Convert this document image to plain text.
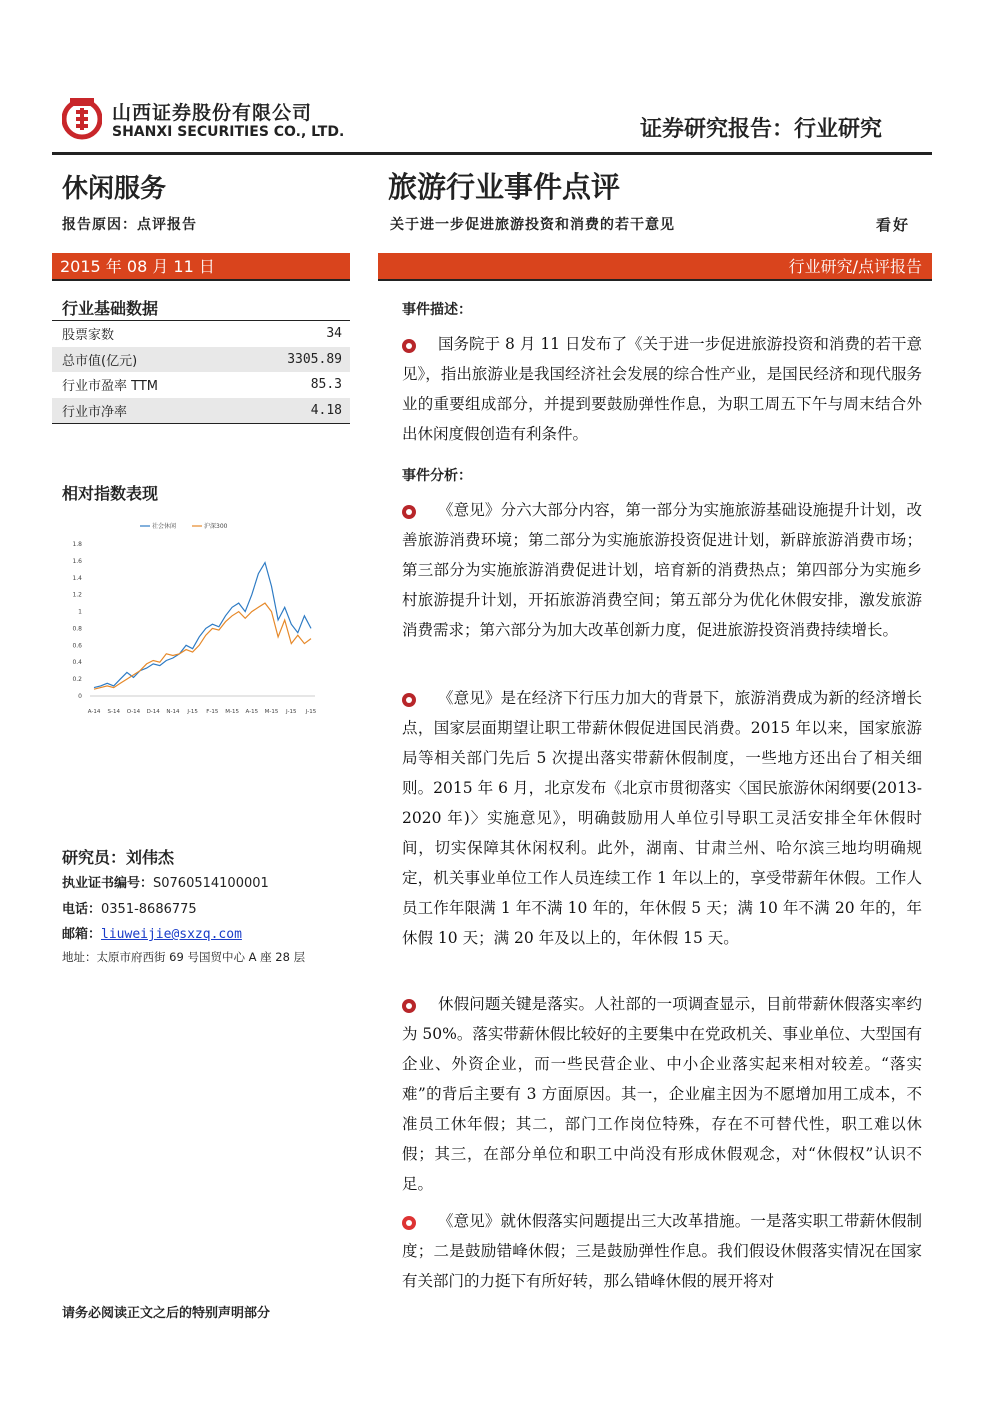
山西证券股份有限公司
SHANXI SECURITIES CO., LTD.	证券研究报告：行业研究
休闲服务	旅游行业事件点评
报告原因：点评报告	关于进一步促进旅游投资和消费的若干意见	看好
2015 年 08 月 11 日	行业研究/点评报告
行业基础数据
股票家数	34
总市值(亿元)	3305.89
行业市盈率 TTM	85.3
行业市净率	4.18
相对指数表现
0
0.2
0.4
0.6
0.8
1
1.2
1.4
1.6
1.8
A-14 S-14 O-14 D-14 N-14 J-15 F-15 M-15 A-15 M-15 J-15 J-15
社会休闲	沪深300
研究员：刘伟杰
执业证书编号：S0760514100001
电话：0351-8686775
邮箱：liuweijie@sxzq.com
地址：太原市府西街 69 号国贸中心 A 座 28 层
请务必阅读正文之后的特别声明部分
事件描述：
国务院于 8 月 11 日发布了《关于进一步促进旅游投资和消费的若干意见》，指出旅游业是我国经济社会发展的综合性产业，是国民经济和现代服务业的重要组成部分，并提到要鼓励弹性作息，为职工周五下午与周末结合外出休闲度假创造有利条件。
事件分析：
《意见》分六大部分内容，第一部分为实施旅游基础设施提升计划，改善旅游消费环境；第二部分为实施旅游投资促进计划，新辟旅游消费市场；第三部分为实施旅游消费促进计划，培育新的消费热点；第四部分为实施乡村旅游提升计划，开拓旅游消费空间；第五部分为优化休假安排，激发旅游消费需求；第六部分为加大改革创新力度，促进旅游投资消费持续增长。
《意见》是在经济下行压力加大的背景下，旅游消费成为新的经济增长点，国家层面期望让职工带薪休假促进国民消费。2015 年以来，国家旅游局等相关部门先后 5 次提出落实带薪休假制度，一些地方还出台了相关细则。2015 年 6 月，北京发布《北京市贯彻落实〈国民旅游休闲纲要(2013-2020 年)〉实施意见》，明确鼓励用人单位引导职工灵活安排全年休假时间，切实保障其休闲权利。此外，湖南、甘肃兰州、哈尔滨三地均明确规定，机关事业单位工作人员连续工作 1 年以上的，享受带薪年休假。工作人员工作年限满 1 年不满 10 年的，年休假 5 天；满 10 年不满 20 年的，年休假 10 天；满 20 年及以上的，年休假 15 天。
休假问题关键是落实。人社部的一项调查显示，目前带薪休假落实率约为 50%。落实带薪休假比较好的主要集中在党政机关、事业单位、大型国有企业、外资企业，而一些民营企业、中小企业落实起来相对较差。“落实难”的背后主要有 3 方面原因。其一，企业雇主因为不愿增加用工成本，不准员工休年假；其二，部门工作岗位特殊，存在不可替代性，职工难以休假；其三，在部分单位和职工中尚没有形成休假观念，对“休假权”认识不足。
《意见》就休假落实问题提出三大改革措施。一是落实职工带薪休假制度；二是鼓励错峰休假；三是鼓励弹性作息。我们假设休假落实情况在国家有关部门的力挺下有所好转，那么错峰休假的展开将对
